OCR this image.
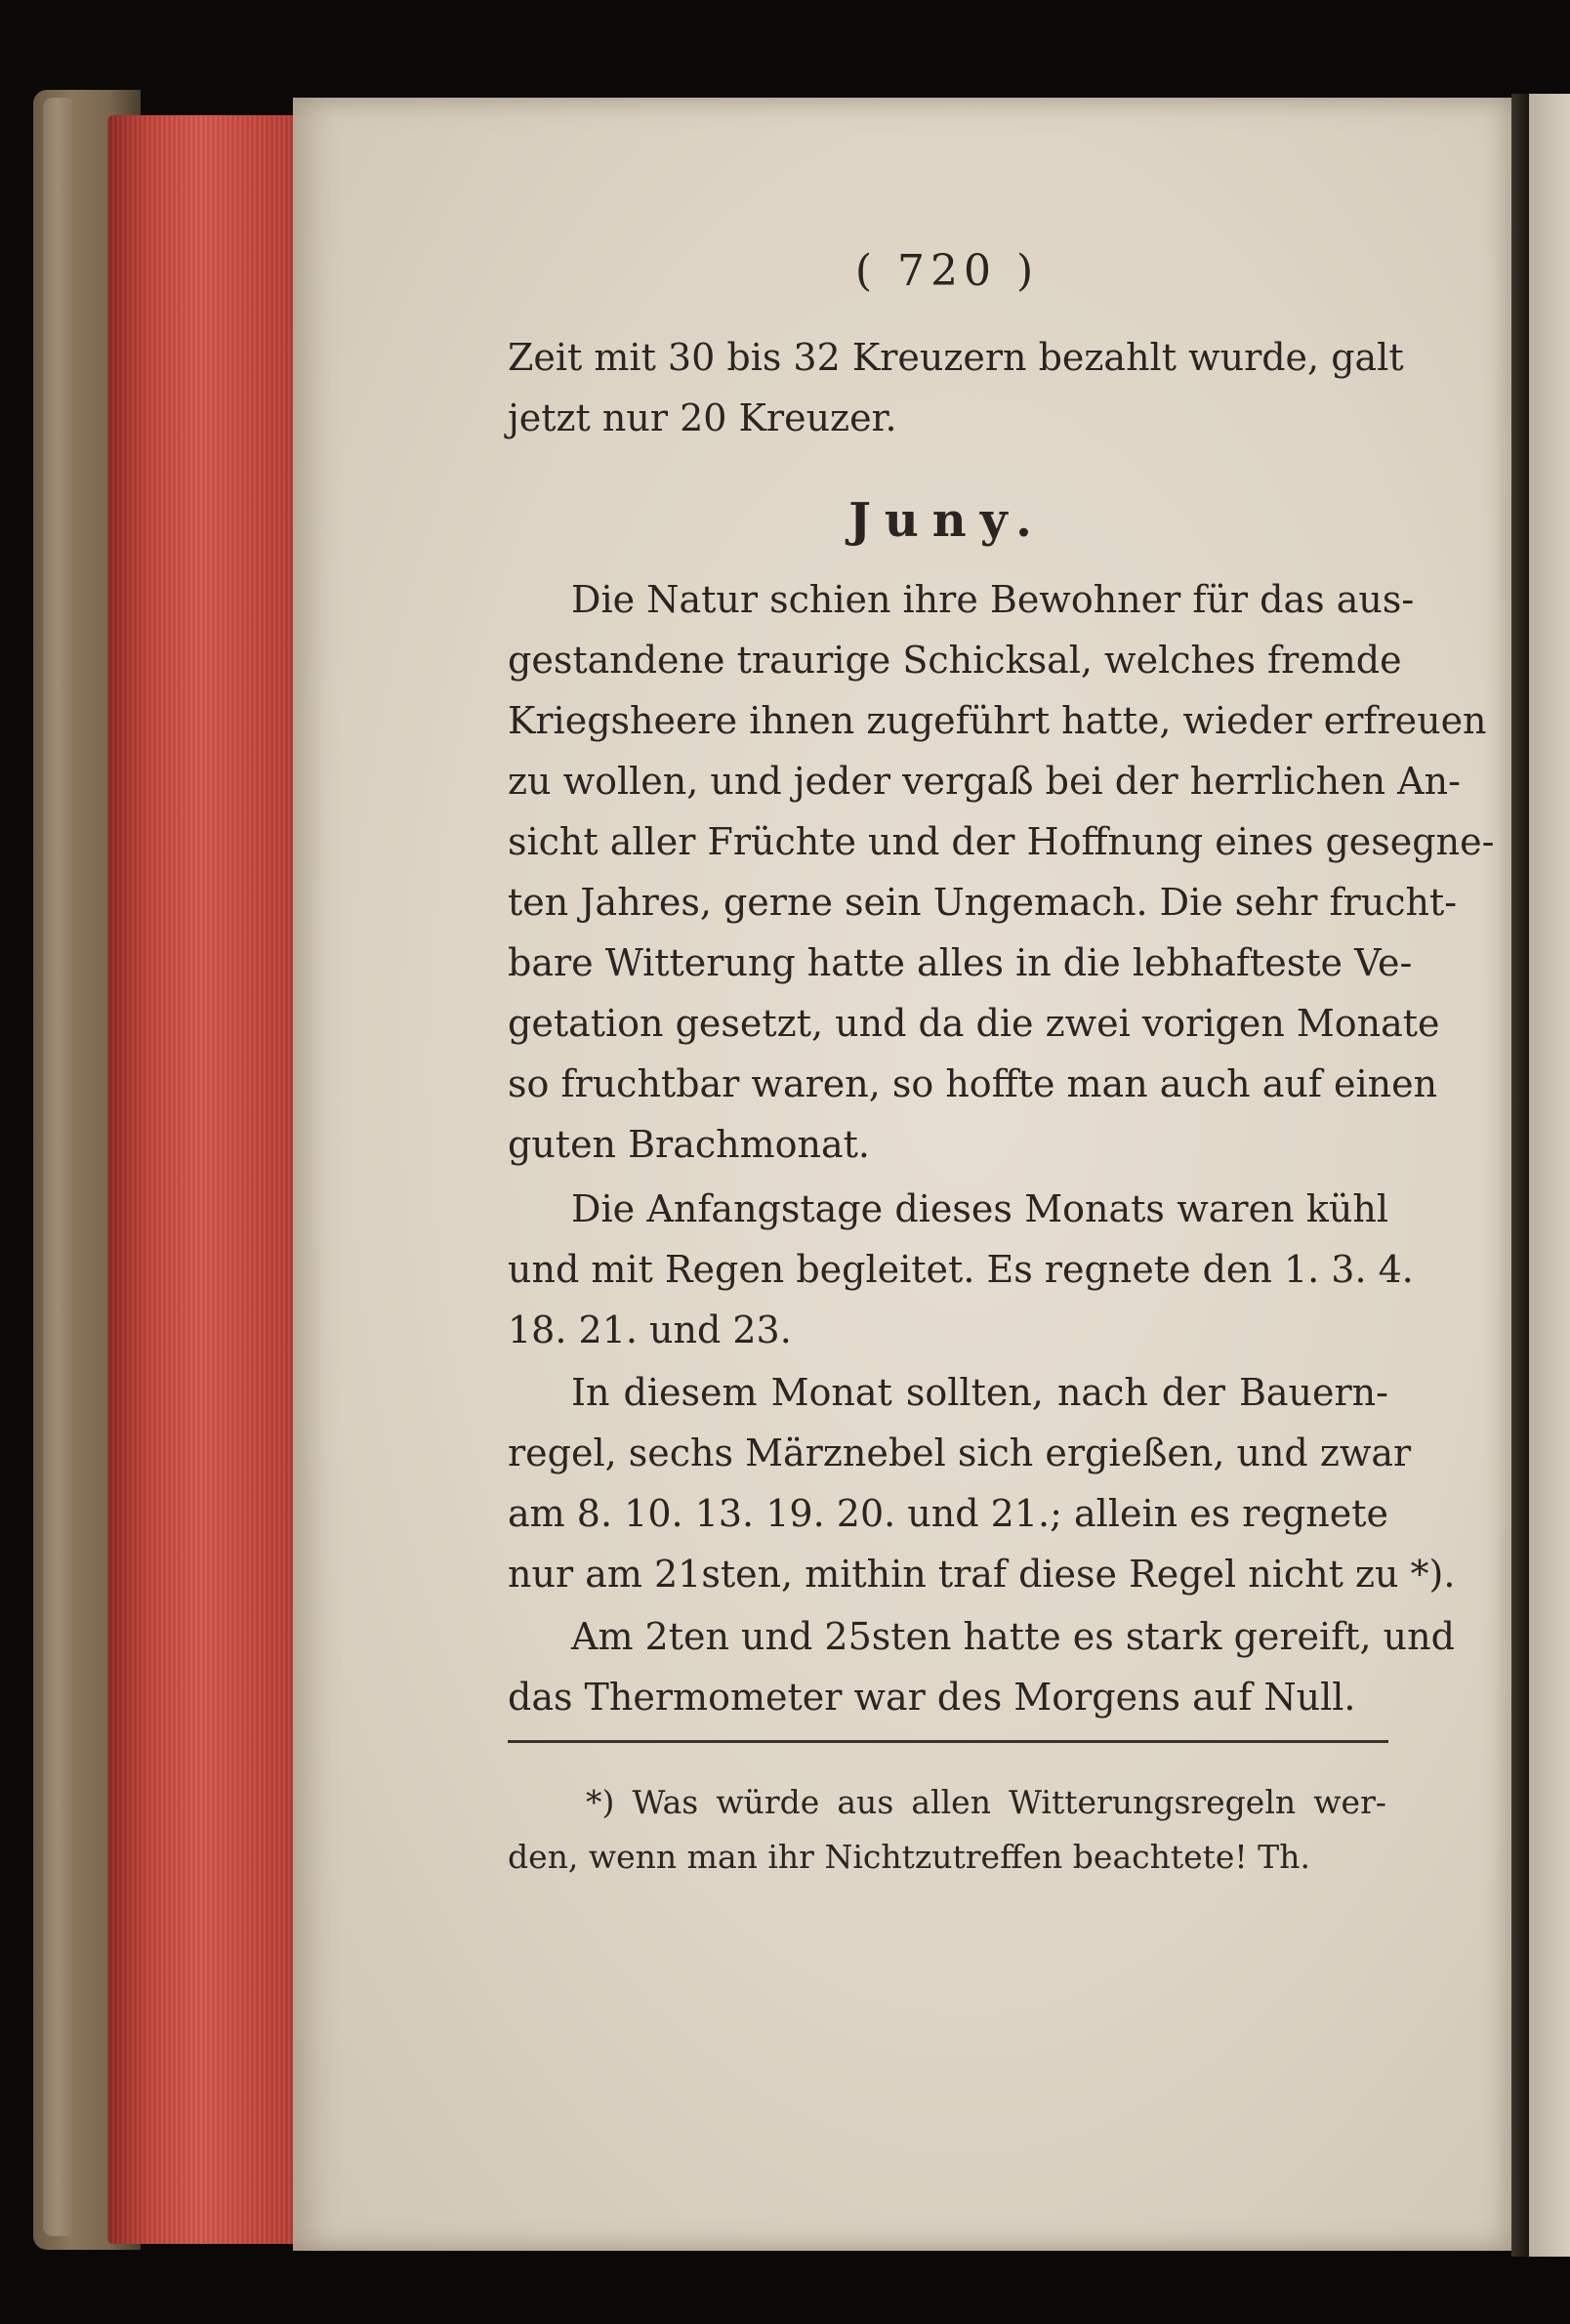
( 720 )
Zeit mit 30 bis 32 Kreuzern bezahlt wurde, galt
jetzt nur 20 Kreuzer.
Juny.
Die Natur schien ihre Bewohner für das aus-
gestandene traurige Schicksal, welches fremde
Kriegsheere ihnen zugeführt hatte, wieder erfreuen
zu wollen, und jeder vergaß bei der herrlichen An-
sicht aller Früchte und der Hoffnung eines gesegne-
ten Jahres, gerne sein Ungemach. Die sehr frucht-
bare Witterung hatte alles in die lebhafteste Ve-
getation gesetzt, und da die zwei vorigen Monate
so fruchtbar waren, so hoffte man auch auf einen
guten Brachmonat.
Die Anfangstage dieses Monats waren kühl
und mit Regen begleitet. Es regnete den 1. 3. 4.
18. 21. und 23.
In diesem Monat sollten, nach der Bauern-
regel, sechs Märznebel sich ergießen, und zwar
am 8. 10. 13. 19. 20. und 21.; allein es regnete
nur am 21sten, mithin traf diese Regel nicht zu *).
Am 2ten und 25sten hatte es stark gereift, und
das Thermometer war des Morgens auf Null.
*) Was würde aus allen Witterungsregeln wer-
den, wenn man ihr Nichtzutreffen beachtete! Th.
